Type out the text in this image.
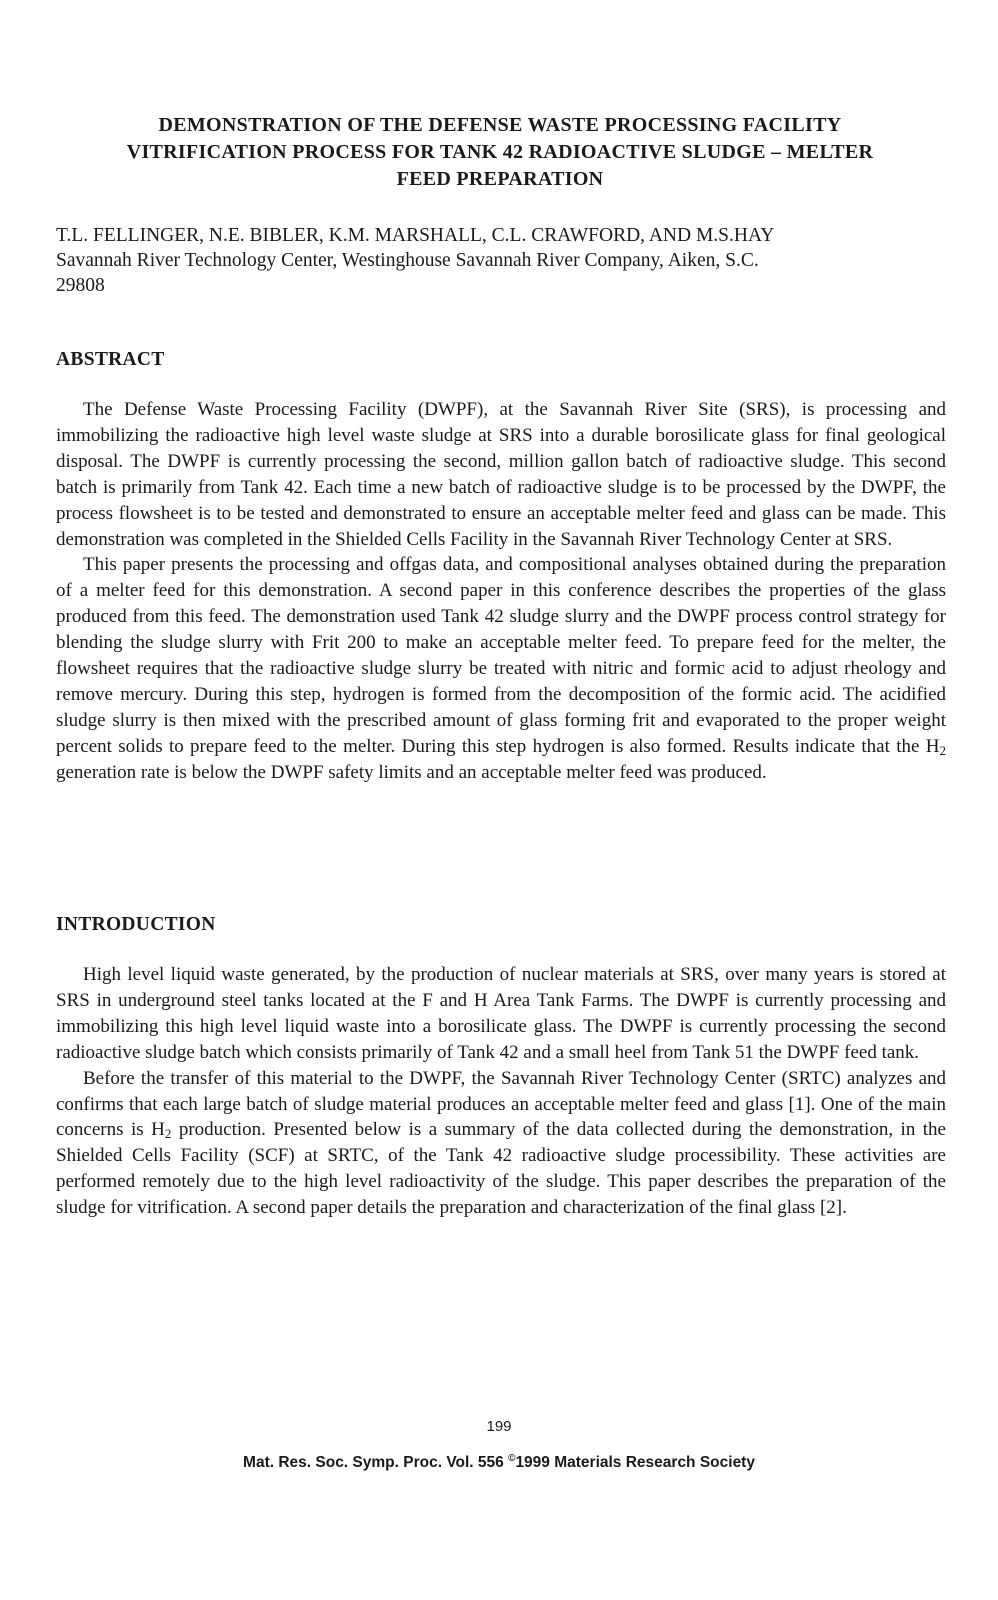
DEMONSTRATION OF THE DEFENSE WASTE PROCESSING FACILITY
VITRIFICATION PROCESS FOR TANK 42 RADIOACTIVE SLUDGE – MELTER
FEED PREPARATION
T.L. FELLINGER, N.E. BIBLER, K.M. MARSHALL, C.L. CRAWFORD, AND M.S.HAY
Savannah River Technology Center, Westinghouse Savannah River Company, Aiken, S.C.
29808
ABSTRACT

The Defense Waste Processing Facility (DWPF), at the Savannah River Site (SRS), is processing and immobilizing the radioactive high level waste sludge at SRS into a durable borosilicate glass for final geological disposal. The DWPF is currently processing the second, million gallon batch of radioactive sludge. This second batch is primarily from Tank 42. Each time a new batch of radioactive sludge is to be processed by the DWPF, the process flowsheet is to be tested and demonstrated to ensure an acceptable melter feed and glass can be made. This demonstration was completed in the Shielded Cells Facility in the Savannah River Technology Center at SRS.

This paper presents the processing and offgas data, and compositional analyses obtained during the preparation of a melter feed for this demonstration. A second paper in this conference describes the properties of the glass produced from this feed. The demonstration used Tank 42 sludge slurry and the DWPF process control strategy for blending the sludge slurry with Frit 200 to make an acceptable melter feed. To prepare feed for the melter, the flowsheet requires that the radioactive sludge slurry be treated with nitric and formic acid to adjust rheology and remove mercury. During this step, hydrogen is formed from the decomposition of the formic acid. The acidified sludge slurry is then mixed with the prescribed amount of glass forming frit and evaporated to the proper weight percent solids to prepare feed to the melter. During this step hydrogen is also formed. Results indicate that the $H_2$ generation rate is below the DWPF safety limits and an acceptable melter feed was produced.

INTRODUCTION

High level liquid waste generated, by the production of nuclear materials at SRS, over many years is stored at SRS in underground steel tanks located at the F and H Area Tank Farms. The DWPF is currently processing and immobilizing this high level liquid waste into a borosilicate glass. The DWPF is currently processing the second radioactive sludge batch which consists primarily of Tank 42 and a small heel from Tank 51 the DWPF feed tank.

Before the transfer of this material to the DWPF, the Savannah River Technology Center (SRTC) analyzes and confirms that each large batch of sludge material produces an acceptable melter feed and glass [1]. One of the main concerns is $H_2$ production. Presented below is a summary of the data collected during the demonstration, in the Shielded Cells Facility (SCF) at SRTC, of the Tank 42 radioactive sludge processibility. These activities are performed remotely due to the high level radioactivity of the sludge. This paper describes the preparation of the sludge for vitrification. A second paper details the preparation and characterization of the final glass [2].

199
Mat. Res. Soc. Symp. Proc. Vol. 556 ©1999 Materials Research Society
